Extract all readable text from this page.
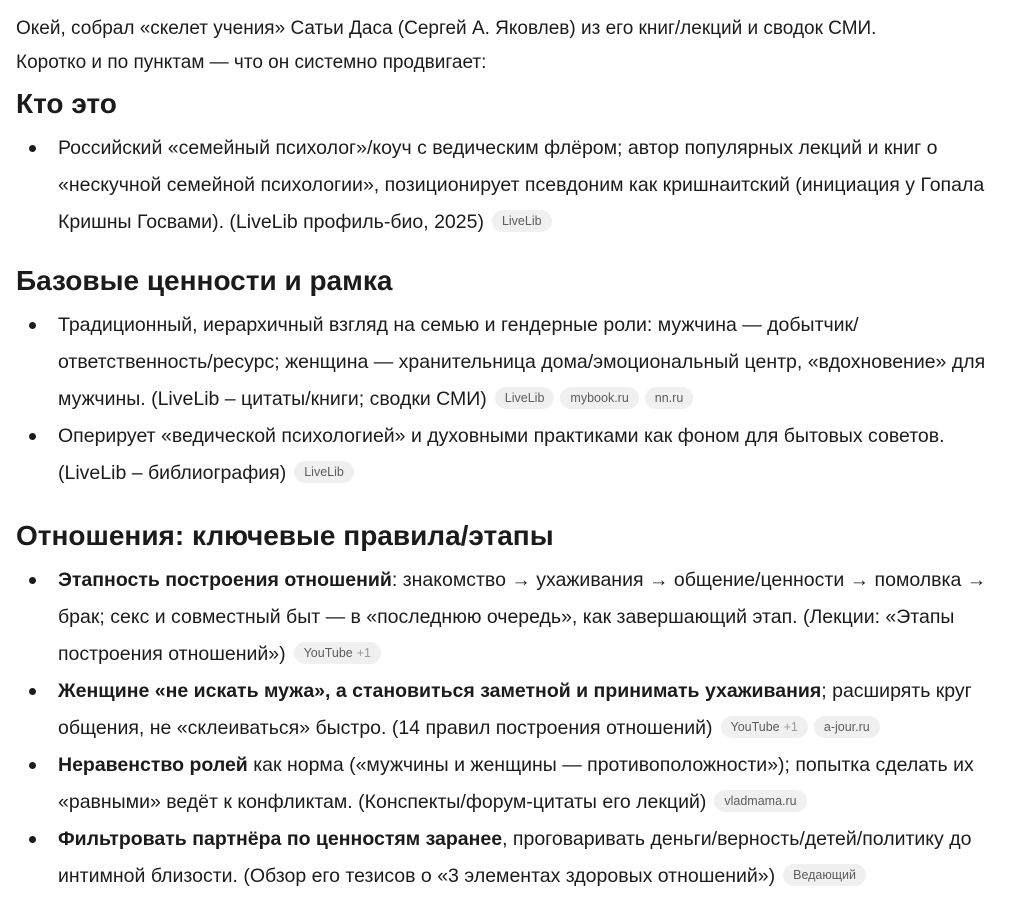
Окей, собрал «скелет учения» Сатьи Даса (Сергей А. Яковлев) из его книг/лекций и сводок СМИ.

Коротко и по пунктам — что он системно продвигает:

Кто это
Российский «семейный психолог»/коуч с ведическим флёром; автор популярных лекций и книг о «нескучной семейной психологии», позиционирует псевдоним как кришнаитский (инициация у Гопала Кришны Госвами). (LiveLib профиль-био, 2025) LiveLib
Базовые ценности и рамка
Традиционный, иерархичный взгляд на семью и гендерные роли: мужчина — добытчик/ответственность/ресурс; женщина — хранительница дома/эмоциональный центр, «вдохновение» для мужчины. (LiveLib – цитаты/книги; сводки СМИ) LiveLib mybook.ru nn.ru
Оперирует «ведической психологией» и духовными практиками как фоном для бытовых советов. (LiveLib – библиография) LiveLib
Отношения: ключевые правила/этапы
Этапность построения отношений: знакомство → ухаживания → общение/ценности → помолвка → брак; секс и совместный быт — в «последнюю очередь», как завершающий этап. (Лекции: «Этапы построения отношений») YouTube +1
Женщине «не искать мужа», а становиться заметной и принимать ухаживания; расширять круг общения, не «склеиваться» быстро. (14 правил построения отношений) YouTube +1 a-jour.ru
Неравенство ролей как норма («мужчины и женщины — противоположности»); попытка сделать их «равными» ведёт к конфликтам. (Конспекты/форум-цитаты его лекций) vladmama.ru
Фильтровать партнёра по ценностям заранее, проговаривать деньги/верность/детей/политику до интимной близости. (Обзор его тезисов о «3 элементах здоровых отношений») Ведающий
